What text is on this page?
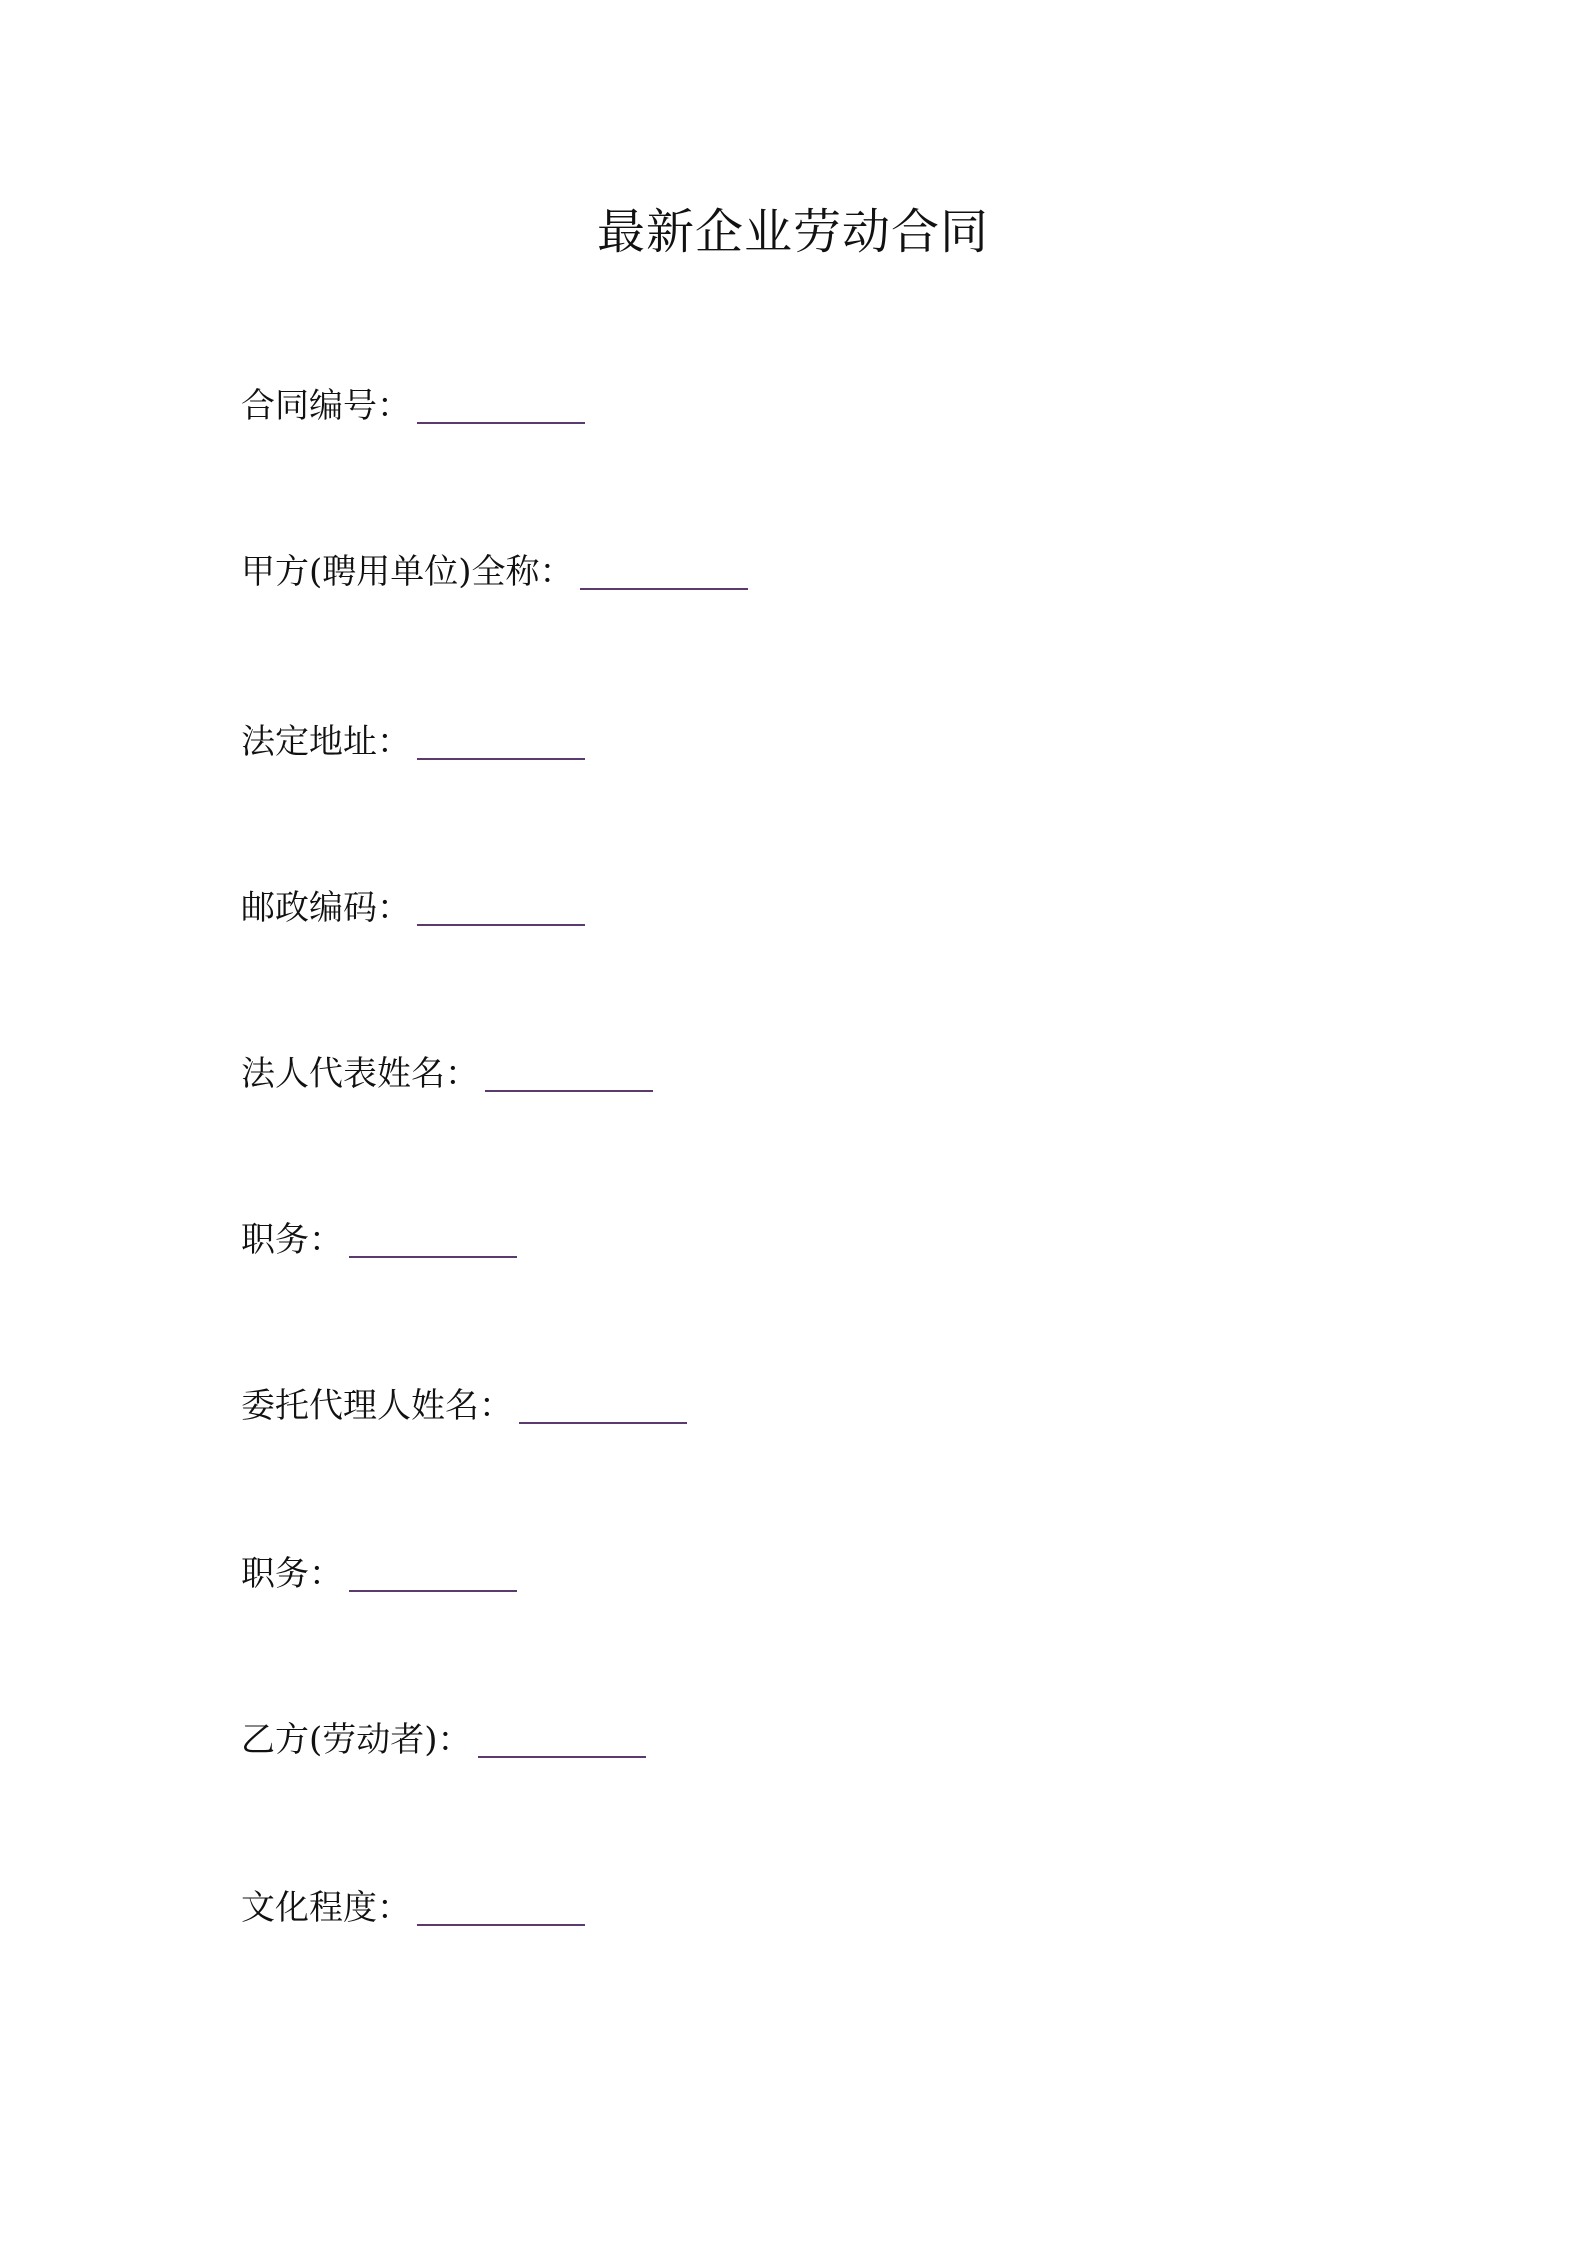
最新企业劳动合同
合同编号：
甲方(聘用单位)全称：
法定地址：
邮政编码：
法人代表姓名：
职务：
委托代理人姓名：
职务：
乙方(劳动者)：
文化程度：
